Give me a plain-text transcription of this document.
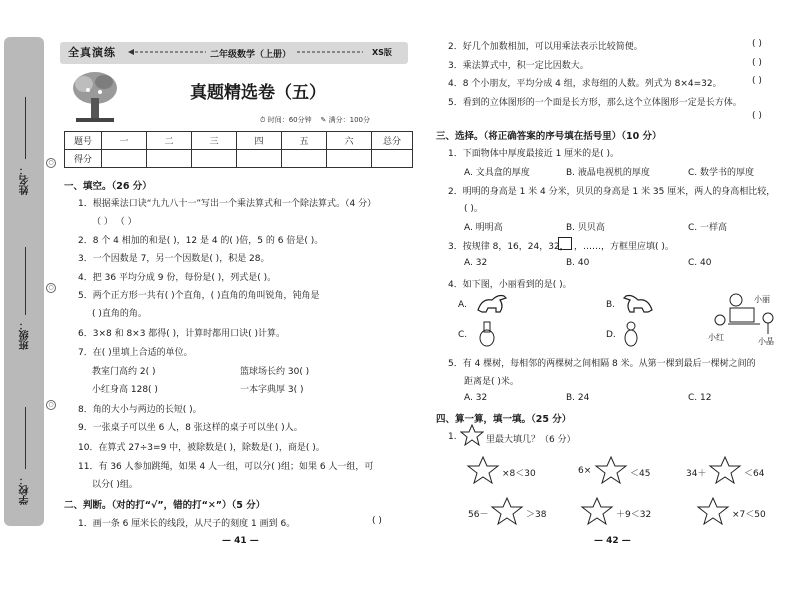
姓名：
班级：
学校：
○
○
○
全真演练	二年级数学（上册）	XS版
真题精选卷（五）
⏱ 时间：60分钟 ✎ 满分：100分
题号	一	二	三	四	五	六	总分
得分							
一、填空。（26 分）
1．根据乘法口诀“九九八十一”写出一个乘法算式和一个除法算式。（4 分）
（ ） （ ）
2．8 个 4 相加的和是( )，12 是 4 的( )倍，5 的 6 倍是( )。
3．一个因数是 7，另一个因数是( )，积是 28。
4．把 36 平均分成 9 份，每份是( )，列式是( )。
5．两个正方形一共有( )个直角，( )直角的角叫锐角，钝角是
( )直角的角。
6．3×8 和 8×3 都得( )，计算时都用口诀( )计算。
7．在( )里填上合适的单位。
教室门高约 2( )	篮球场长约 30( )
小红身高 128( )	一本字典厚 3( )
8．角的大小与两边的长短( )。
9．一张桌子可以坐 6 人，8 张这样的桌子可以坐( )人。
10．在算式 27÷3=9 中，被除数是( )，除数是( )，商是( )。
11．有 36 人参加跳绳，如果 4 人一组，可以分( )组；如果 6 人一组，可
以分( )组。
二、判断。（对的打“√”，错的打“✕”）（5 分）
1．画一条 6 厘米长的线段，从尺子的刻度 1 画到 6。	( )
— 41 —
2．好几个加数相加，可以用乘法表示比较简便。	( )
3．乘法算式中，积一定比因数大。	( )
4．8 个小朋友，平均分成 4 组，求每组的人数。列式为 8×4=32。	( )
5．看到的立体图形的一个面是长方形，那么这个立体图形一定是长方体。
( )
三、选择。（将正确答案的序号填在括号里）（10 分）
1．下面物体中厚度最接近 1 厘米的是( )。
A. 文具盒的厚度	B. 液晶电视机的厚度	C. 数学书的厚度
2．明明的身高是 1 米 4 分米，贝贝的身高是 1 米 35 厘米，两人的身高相比较，
( )。
A. 明明高	B. 贝贝高	C. 一样高
3．按规律 8，16，24，32， ，……，方框里应填( )。
A. 32	B. 40	C. 40
4．如下图，小丽看到的是( )。
A.	B.
C.	D.
小丽
小红	小晶
5．有 4 棵树，每相邻的两棵树之间相隔 8 米。从第一棵到最后一棵树之间的
距离是( )米。
A. 32	B. 24	C. 12
四、算一算，填一填。（25 分）
1.	里最大填几？（6 分）
×8＜30	6×	＜45	34＋	＜64
56－	＞38	＋9＜32	×7＜50
— 42 —
